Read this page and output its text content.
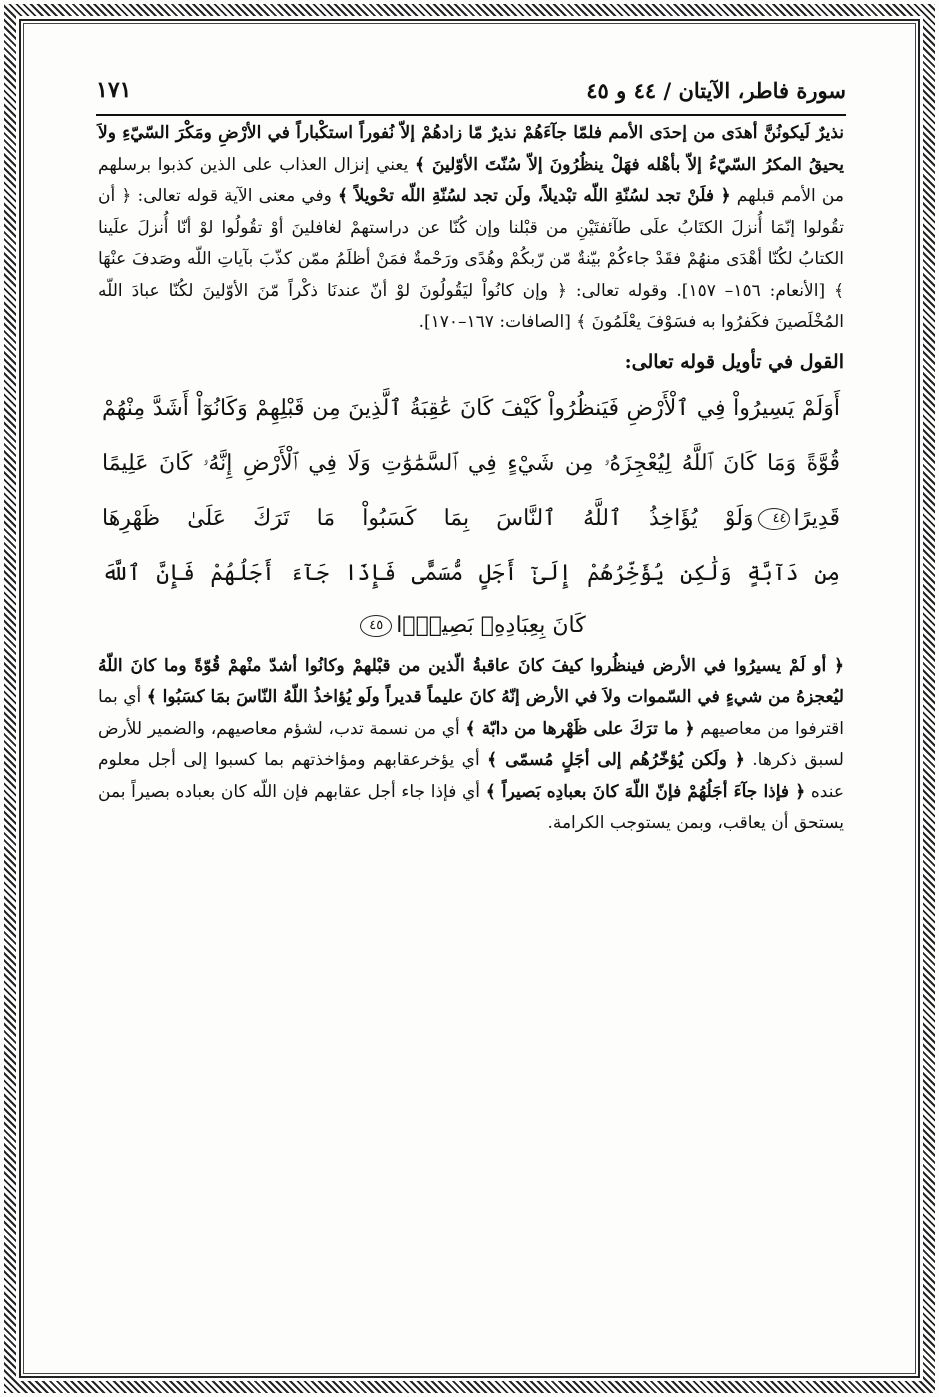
سورة فاطر، الآيتان / ٤٤ و ٤٥
١٧١

نذيرٌ لَيكونُنَّ أهدَى من إحدَى الأمم فلمّا جآءَهُمْ نذيرٌ مّا زادهُمْ إلاّ نُفوراً استكْباراً في الأرْضِ ومَكْرَ السّيّءِ ولاَ يحيقُ المكرُ السّيّءُ إلاّ بأهْله فهَلْ ينظُرُونَ إلاّ سُنّتَ الأوّلينَ ﴾ يعني إنزال العذاب على الذين كذبوا برسلهم من الأمم قبلهم ﴿ فلَنْ تجد لسُنّةِ اللّه تبْديلاً، ولَن تجد لسُنّةِ اللّه تحْويلاً ﴾ وفي معنى الآية قوله تعالى: ﴿ أن تقُولوا إنّمَا أُنزلَ الكتَابُ علَى طآئفتَيْنِ من قبْلنا وإن كُنّا عن دراستهمْ لغافلينَ أوْ تقُولُوا لوْ أنّا أُنزلَ علَينا الكتابُ لكُنّا أهْدَى منهُمْ فقَدْ جاءكُمْ بيّنةٌ مّن رّبكُمْ وهُدًى ورَحْمةٌ فمَنْ أظلَمُ ممّن كذّبَ بآياتِ اللّه وصَدفَ عنْهَا ﴾ [الأنعام: ١٥٦– ١٥٧]. وقوله تعالى: ﴿ وإن كانُواْ ليَقُولُونَ لوْ أنّ عندنَا ذكْراً مّنَ الأوّلينَ لكُنّا عبادَ اللّه المُخْلَصينَ فكَفرُوا به فسَوْفَ يعْلَمُونَ ﴾ [الصافات: ١٦٧–١٧٠].

القول في تأويل قوله تعالى:

أَوَلَمْ يَسِيرُواْ فِي ٱلْأَرْضِ فَيَنظُرُواْ كَيْفَ كَانَ عَٰقِبَةُ ٱلَّذِينَ مِن قَبْلِهِمْ وَكَانُوٓاْ أَشَدَّ مِنْهُمْ

قُوَّةً وَمَا كَانَ ٱللَّهُ لِيُعْجِزَهُۥ مِن شَيْءٍ فِي ٱلسَّمَٰوَٰتِ وَلَا فِي ٱلْأَرْضِ إِنَّهُۥ كَانَ عَلِيمًا

قَدِيرًا٤٤وَلَوْ يُؤَاخِذُ ٱللَّهُ ٱلنَّاسَ بِمَا كَسَبُواْ مَا تَرَكَ عَلَىٰ ظَهْرِهَا

مِن دَآبَّةٍ وَلَٰكِن يُؤَخِّرُهُمْ إِلَىٰٓ أَجَلٍ مُّسَمًّى فَإِذَا جَآءَ أَجَلُهُمْ فَإِنَّ ٱللَّهَ

كَانَ بِعِبَادِهِۦ بَصِيرًۢا٤٥

﴿ أو لَمْ يسيرُوا في الأرض فينظُروا كيفَ كانَ عاقبةُ الّذين من قبْلهمْ وكانُوا أشدّ منْهمْ قُوّةً وما كانَ اللّهُ ليُعجزهُ من شيءٍ في السّموات ولاَ في الأرض إنّهُ كانَ عليماً قديراً ولَو يُؤاخذُ اللّهُ النّاسَ بمَا كسَبُوا ﴾ أي بما اقترفوا من معاصيهم ﴿ ما ترَكَ على ظَهْرها من دابّة ﴾ أي من نسمة تدب، لشؤم معاصيهم، والضمير للأرض لسبق ذكرها. ﴿ ولَكن يُؤخّرُهُم إلى أجَلٍ مُسمّى ﴾ أي يؤخرعقابهم ومؤاخذتهم بما كسبوا إلى أجل معلوم عنده ﴿ فإذا جآءَ أجَلُهُمْ فإنّ اللّهَ كانَ بعبادِه بَصيراً ﴾ أي فإذا جاء أجل عقابهم فإن اللّه كان بعباده بصيراً بمن يستحق أن يعاقب، وبمن يستوجب الكرامة.
